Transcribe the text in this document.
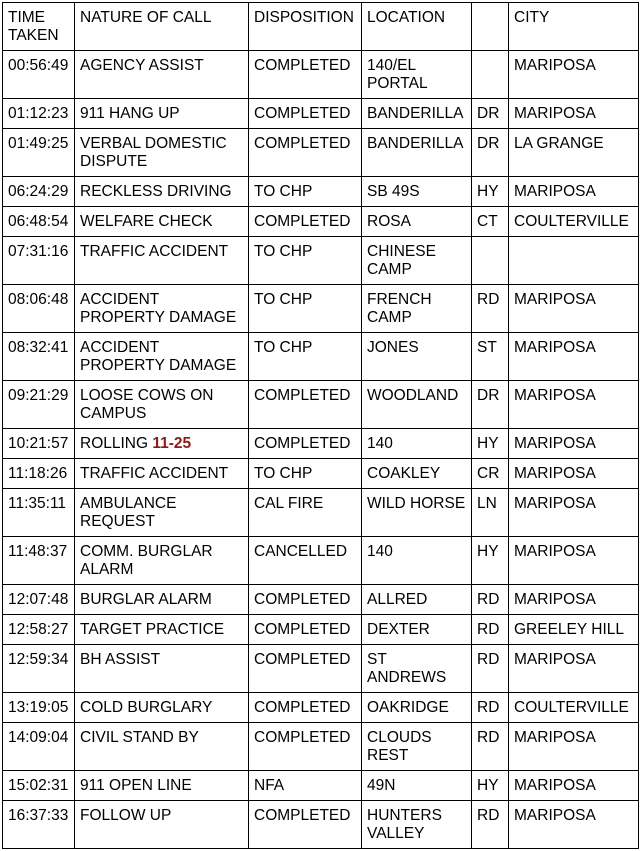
TIME TAKEN	NATURE OF CALL	DISPOSITION	LOCATION		CITY
00:56:49	AGENCY ASSIST	COMPLETED	140/EL PORTAL		MARIPOSA
01:12:23	911 HANG UP	COMPLETED	BANDERILLA	DR	MARIPOSA
01:49:25	VERBAL DOMESTIC DISPUTE	COMPLETED	BANDERILLA	DR	LA GRANGE
06:24:29	RECKLESS DRIVING	TO CHP	SB 49S	HY	MARIPOSA
06:48:54	WELFARE CHECK	COMPLETED	ROSA	CT	COULTERVILLE
07:31:16	TRAFFIC ACCIDENT	TO CHP	CHINESE CAMP		
08:06:48	ACCIDENT PROPERTY DAMAGE	TO CHP	FRENCH CAMP	RD	MARIPOSA
08:32:41	ACCIDENT PROPERTY DAMAGE	TO CHP	JONES	ST	MARIPOSA
09:21:29	LOOSE COWS ON CAMPUS	COMPLETED	WOODLAND	DR	MARIPOSA
10:21:57	ROLLING 11-25	COMPLETED	140	HY	MARIPOSA
11:18:26	TRAFFIC ACCIDENT	TO CHP	COAKLEY	CR	MARIPOSA
11:35:11	AMBULANCE REQUEST	CAL FIRE	WILD HORSE	LN	MARIPOSA
11:48:37	COMM. BURGLAR ALARM	CANCELLED	140	HY	MARIPOSA
12:07:48	BURGLAR ALARM	COMPLETED	ALLRED	RD	MARIPOSA
12:58:27	TARGET PRACTICE	COMPLETED	DEXTER	RD	GREELEY HILL
12:59:34	BH ASSIST	COMPLETED	ST ANDREWS	RD	MARIPOSA
13:19:05	COLD BURGLARY	COMPLETED	OAKRIDGE	RD	COULTERVILLE
14:09:04	CIVIL STAND BY	COMPLETED	CLOUDS REST	RD	MARIPOSA
15:02:31	911 OPEN LINE	NFA	49N	HY	MARIPOSA
16:37:33	FOLLOW UP	COMPLETED	HUNTERS VALLEY	RD	MARIPOSA
